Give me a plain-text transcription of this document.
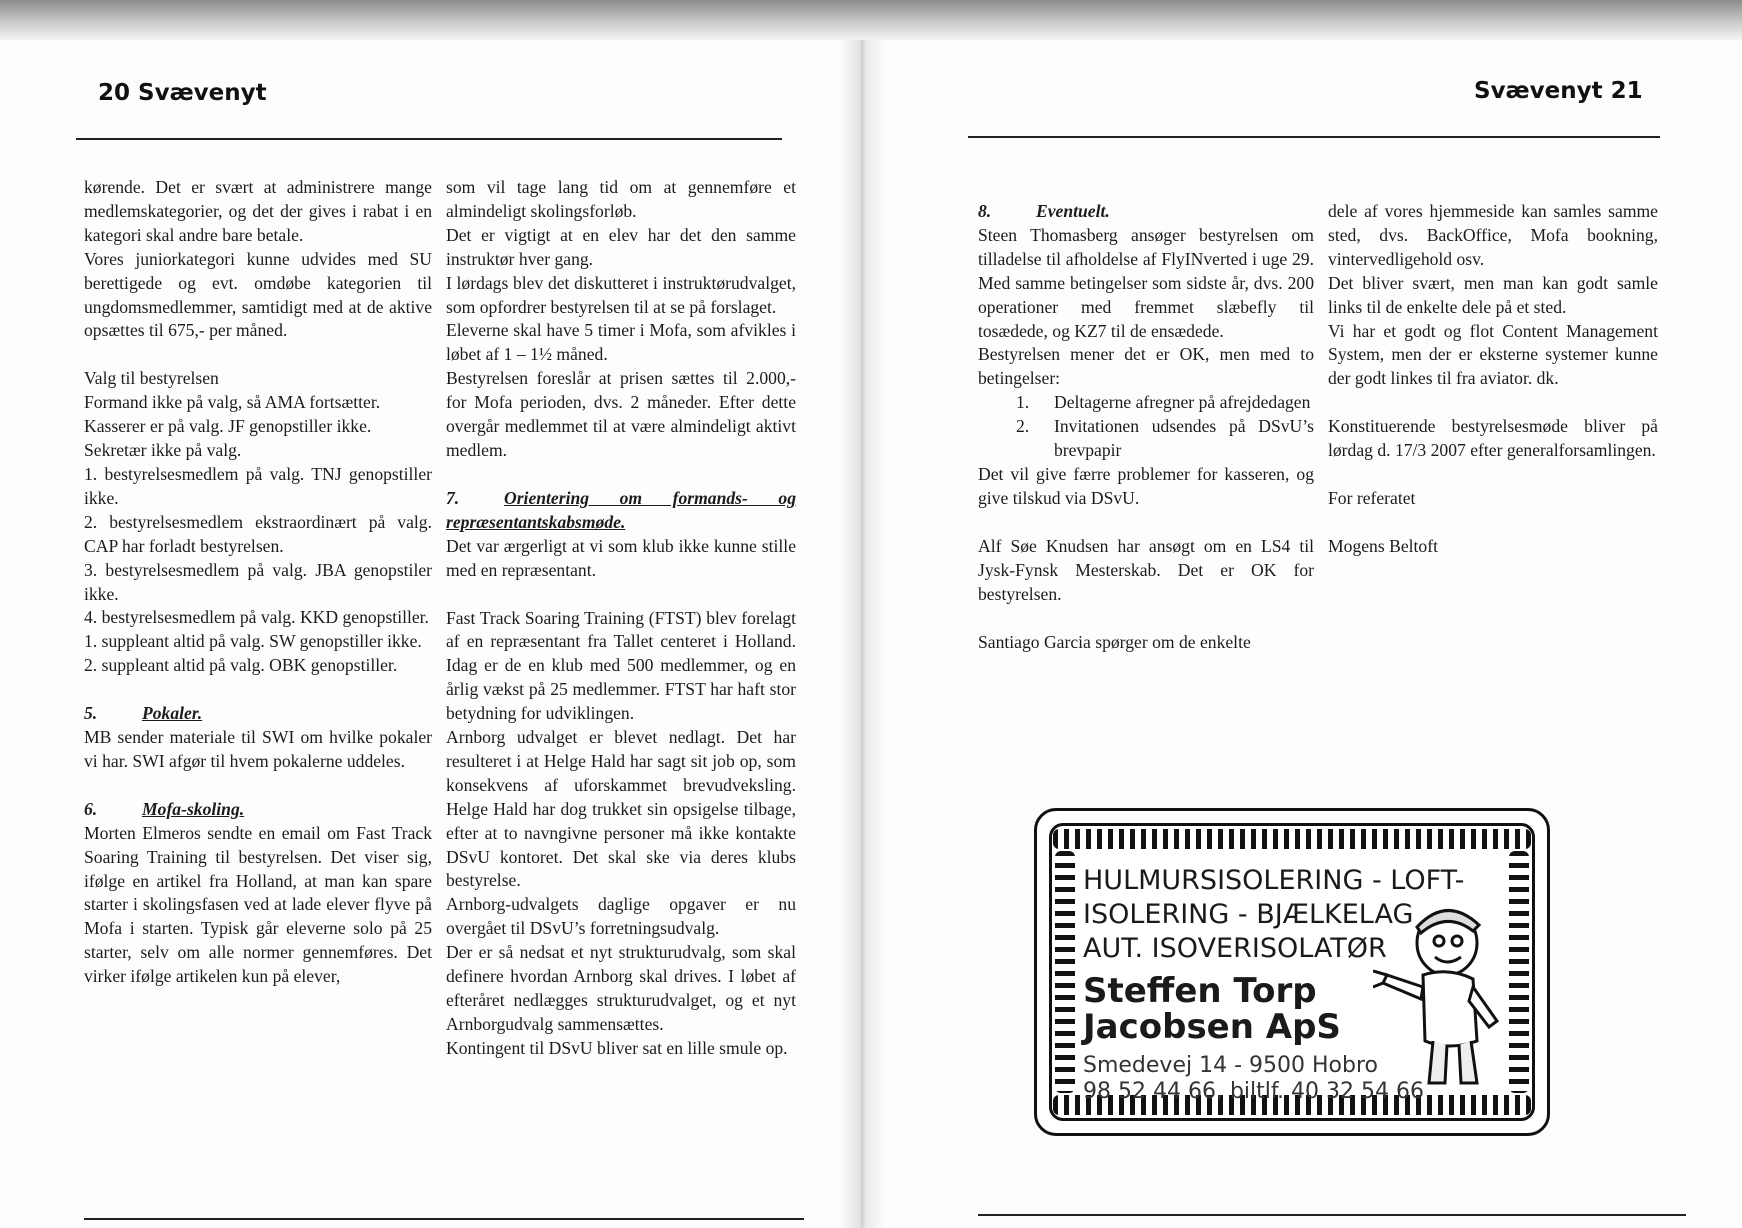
20 Svævenyt	Svævenyt 21

kørende. Det er svært at administrere mange medlemskategorier, og det der gives i rabat i en kategori skal andre bare betale.

Vores juniorkategori kunne udvides med SU berettigede og evt. omdøbe kategorien til ungdomsmedlemmer, samtidigt med at de aktive opsættes til 675,- per måned.

Valg til bestyrelsen

Formand ikke på valg, så AMA fortsætter.

Kasserer er på valg. JF genopstiller ikke.

Sekretær ikke på valg.

1. bestyrelsesmedlem på valg. TNJ genopstiller ikke.

2. bestyrelsesmedlem ekstraordinært på valg. CAP har forladt bestyrelsen.

3. bestyrelsesmedlem på valg. JBA genopstiler ikke.

4. bestyrelsesmedlem på valg. KKD genopstiller.

1. suppleant altid på valg. SW genopstiller ikke.

2. suppleant altid på valg. OBK genopstiller.

5.	Pokaler.

MB sender materiale til SWI om hvilke pokaler vi har. SWI afgør til hvem pokalerne uddeles.

6.	Mofa-skoling.

Morten Elmeros sendte en email om Fast Track Soaring Training til bestyrelsen. Det viser sig, ifølge en artikel fra Holland, at man kan spare starter i skolingsfasen ved at lade elever flyve på Mofa i starten. Typisk går eleverne solo på 25 starter, selv om alle normer gennemføres. Det virker ifølge artikelen kun på elever,

som vil tage lang tid om at gennemføre et almindeligt skolingsforløb.

Det er vigtigt at en elev har det den samme instruktør hver gang.

I lørdags blev det diskutteret i instruktørudvalget, som opfordrer bestyrelsen til at se på forslaget.

Eleverne skal have 5 timer i Mofa, som afvikles i løbet af 1 – 1½ måned.

Bestyrelsen foreslår at prisen sættes til 2.000,- for Mofa perioden, dvs. 2 måneder. Efter dette overgår medlemmet til at være almindeligt aktivt medlem.

7.	Orientering om formands- og repræsentantskabsmøde.

Det var ærgerligt at vi som klub ikke kunne stille med en repræsentant.

Fast Track Soaring Training (FTST) blev forelagt af en repræsentant fra Tallet centeret i Holland. Idag er de en klub med 500 medlemmer, og en årlig vækst på 25 medlemmer. FTST har haft stor betydning for udviklingen.

Arnborg udvalget er blevet nedlagt. Det har resulteret i at Helge Hald har sagt sit job op, som konsekvens af uforskammet brevudveksling. Helge Hald har dog trukket sin opsigelse tilbage, efter at to navngivne personer må ikke kontakte DSvU kontoret. Det skal ske via deres klubs bestyrelse.

Arnborg-udvalgets daglige opgaver er nu overgået til DSvU’s forretningsudvalg.

Der er så nedsat et nyt strukturudvalg, som skal definere hvordan Arnborg skal drives. I løbet af efteråret nedlægges strukturudvalget, og et nyt Arnborgudvalg sammensættes.

Kontingent til DSvU bliver sat en lille smule op.

8.	Eventuelt.

Steen Thomasberg ansøger bestyrelsen om tilladelse til afholdelse af FlyINverted i uge 29. Med samme betingelser som sidste år, dvs. 200 operationer med fremmet slæbefly til tosædede, og KZ7 til de ensædede.

Bestyrelsen mener det er OK, men med to betingelser:

1. Deltagerne afregner på afrejdedagen
2. Invitationen udsendes på DSvU’s brevpapir

Det vil give færre problemer for kasseren, og give tilskud via DSvU.

Alf Søe Knudsen har ansøgt om en LS4 til Jysk-Fynsk Mesterskab. Det er OK for bestyrelsen.

Santiago Garcia spørger om de enkelte

dele af vores hjemmeside kan samles samme sted, dvs. BackOffice, Mofa bookning, vintervedligehold osv.

Det bliver svært, men man kan godt samle links til de enkelte dele på et sted.

Vi har et godt og flot Content Management System, men der er eksterne systemer kunne der godt linkes til fra aviator. dk.

Konstituerende bestyrelsesmøde bliver på lørdag d. 17/3 2007 efter generalforsamlingen.

For referatet

Mogens Beltoft

HULMURSISOLERING - LOFT-
ISOLERING - BJÆLKELAG
AUT. ISOVERISOLATØR
Steffen Torp
Jacobsen ApS
Smedevej 14 - 9500 Hobro
98 52 44 66, biltlf. 40 32 54 66
